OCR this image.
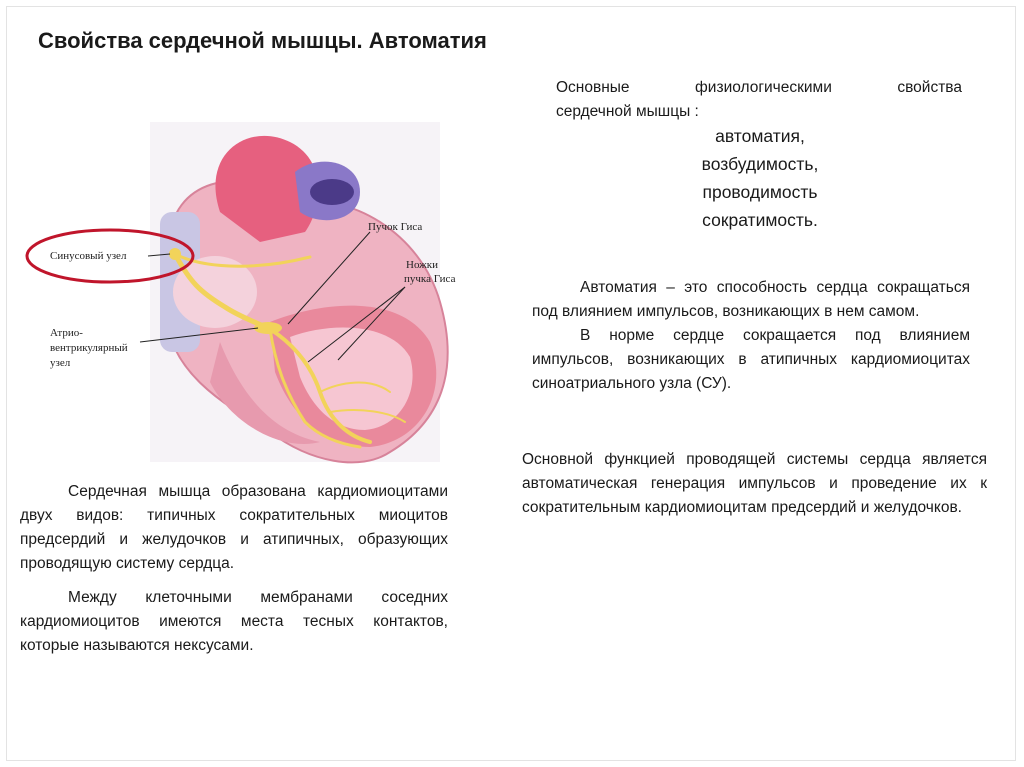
Свойства сердечной мышцы. Автоматия
Основные	физиологическими	свойства
сердечной мышцы :
автоматия,
возбудимость,
проводимость
сократимость.

Автоматия – это способность сердца сокращаться под влиянием импульсов, возникающих в нем самом.

В норме сердце сокращается под влиянием импульсов, возникающих в атипичных кардиомиоцитах синоатриального узла (СУ).

Основной функцией проводящей системы сердца является автоматическая генерация импульсов и проведение их к сократительным кардиомиоцитам предсердий и желудочков.

Сердечная мышца образована кардиомиоцитами двух видов: типичных сократительных миоцитов предсердий и желудочков и атипичных, образующих проводящую систему сердца.

Между клеточными мембранами соседних кардиомиоцитов имеются места тесных контактов, которые называются нексусами.

Синусовый узел
Пучок Гиса
Ножки
пучка Гиса
Атрио-
вентрикулярный
узел
